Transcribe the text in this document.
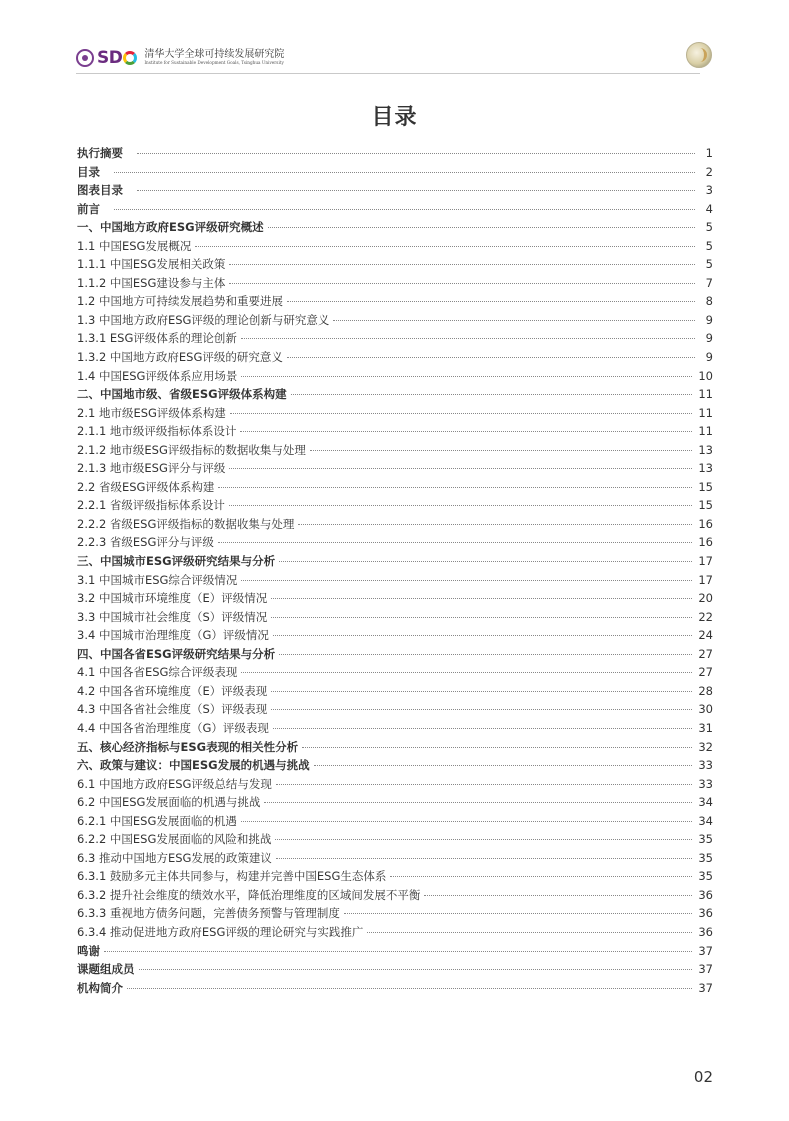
SD 清华大学全球可持续发展研究院
Institute for Sustainable Development Goals, Tsinghua University
目录
执行摘要	1
目录	2
图表目录	3
前言	4
一、中国地方政府ESG评级研究概述	5
1.1 中国ESG发展概况	5
1.1.1 中国ESG发展相关政策	5
1.1.2 中国ESG建设参与主体	7
1.2 中国地方可持续发展趋势和重要进展	8
1.3 中国地方政府ESG评级的理论创新与研究意义	9
1.3.1 ESG评级体系的理论创新	9
1.3.2 中国地方政府ESG评级的研究意义	9
1.4 中国ESG评级体系应用场景	10
二、中国地市级、省级ESG评级体系构建	11
2.1 地市级ESG评级体系构建	11
2.1.1 地市级评级指标体系设计	11
2.1.2 地市级ESG评级指标的数据收集与处理	13
2.1.3 地市级ESG评分与评级	13
2.2 省级ESG评级体系构建	15
2.2.1 省级评级指标体系设计	15
2.2.2 省级ESG评级指标的数据收集与处理	16
2.2.3 省级ESG评分与评级	16
三、中国城市ESG评级研究结果与分析	17
3.1 中国城市ESG综合评级情况	17
3.2 中国城市环境维度（E）评级情况	20
3.3 中国城市社会维度（S）评级情况	22
3.4 中国城市治理维度（G）评级情况	24
四、中国各省ESG评级研究结果与分析	27
4.1 中国各省ESG综合评级表现	27
4.2 中国各省环境维度（E）评级表现	28
4.3 中国各省社会维度（S）评级表现	30
4.4 中国各省治理维度（G）评级表现	31
五、核心经济指标与ESG表现的相关性分析	32
六、政策与建议：中国ESG发展的机遇与挑战	33
6.1 中国地方政府ESG评级总结与发现	33
6.2 中国ESG发展面临的机遇与挑战	34
6.2.1 中国ESG发展面临的机遇	34
6.2.2 中国ESG发展面临的风险和挑战	35
6.3 推动中国地方ESG发展的政策建议	35
6.3.1 鼓励多元主体共同参与，构建并完善中国ESG生态体系	35
6.3.2 提升社会维度的绩效水平，降低治理维度的区域间发展不平衡	36
6.3.3 重视地方债务问题，完善债务预警与管理制度	36
6.3.4 推动促进地方政府ESG评级的理论研究与实践推广	36
鸣谢	37
课题组成员	37
机构简介	37
02
